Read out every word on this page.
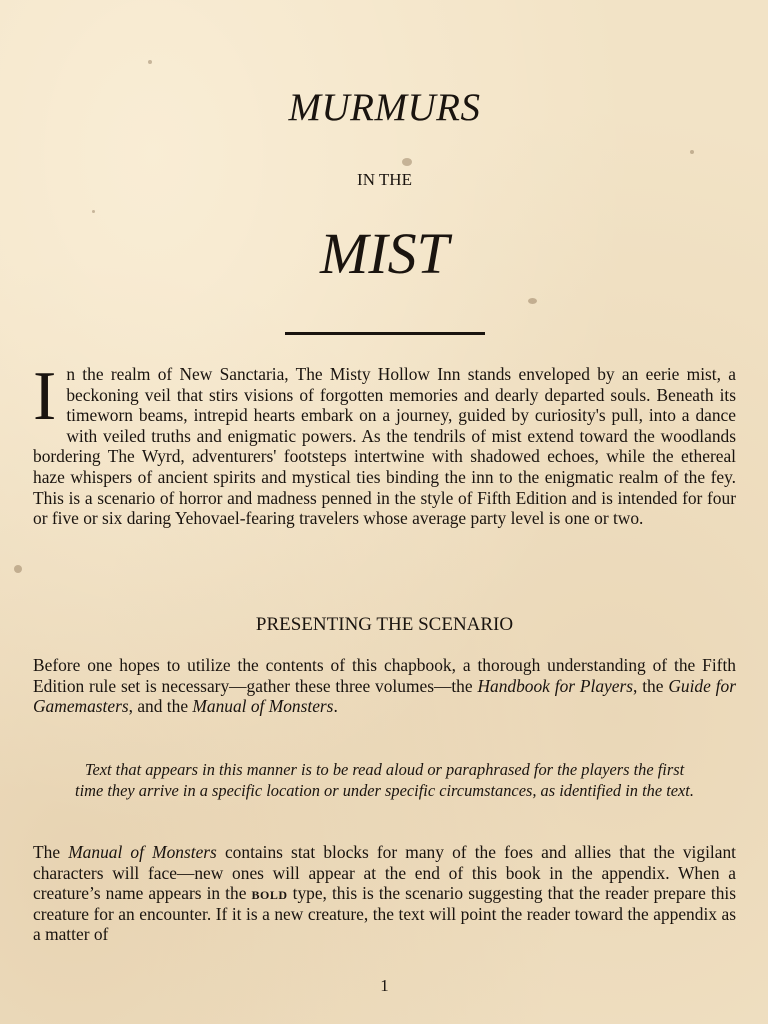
MURMURS
IN THE
MIST
In the realm of New Sanctaria, The Misty Hollow Inn stands enveloped by an eerie mist, a beckoning veil that stirs visions of forgotten memories and dearly departed souls. Beneath its timeworn beams, intrepid hearts embark on a journey, guided by curiosity's pull, into a dance with veiled truths and enigmatic powers. As the tendrils of mist extend toward the woodlands bordering The Wyrd, adventurers' footsteps intertwine with shadowed echoes, while the ethereal haze whispers of ancient spirits and mystical ties binding the inn to the enigmatic realm of the fey. This is a scenario of horror and madness penned in the style of Fifth Edition and is intended for four or five or six daring Yehovael-fearing travelers whose average party level is one or two.
PRESENTING THE SCENARIO
Before one hopes to utilize the contents of this chapbook, a thorough understanding of the Fifth Edition rule set is necessary—gather these three volumes—the Handbook for Players, the Guide for Gamemasters, and the Manual of Monsters.
Text that appears in this manner is to be read aloud or paraphrased for the players the first time they arrive in a specific location or under specific circumstances, as identified in the text.
The Manual of Monsters contains stat blocks for many of the foes and allies that the vigilant characters will face—new ones will appear at the end of this book in the appendix. When a creature’s name appears in the bold type, this is the scenario suggesting that the reader prepare this creature for an encounter. If it is a new creature, the text will point the reader toward the appendix as a matter of
1
